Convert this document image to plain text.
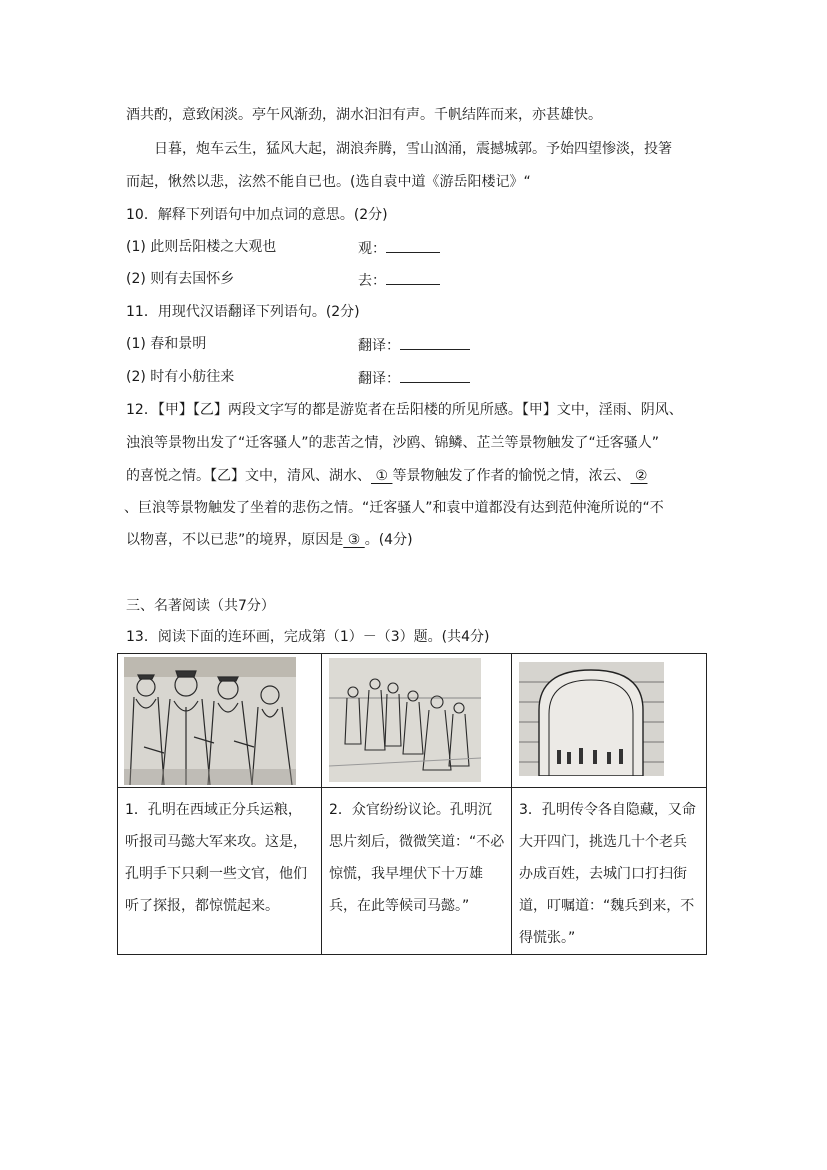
酒共酌，意致闲淡。亭午风渐劲，湖水汩汩有声。千帆结阵而来，亦甚雄快。
日暮，炮车云生，猛风大起，湖浪奔腾，雪山汹涌，震撼城郭。予始四望惨淡，投箸
而起，愀然以悲，泫然不能自已也。(选自袁中道《游岳阳楼记》“
10．解释下列语句中加点词的意思。(2分)
(1) 此则岳阳楼之大观也	观：
(2) 则有去国怀乡	去：
11．用现代汉语翻译下列语句。(2分)
(1) 春和景明	翻译：
(2) 时有小舫往来	翻译：
12．【甲】【乙】两段文字写的都是游览者在岳阳楼的所见所感。【甲】文中，淫雨、阴风、
浊浪等景物出发了“迁客骚人”的悲苦之情，沙鸥、锦鳞、芷兰等景物触发了“迁客骚人”
的喜悦之情。【乙】文中，清风、湖水、 ① 等景物触发了作者的愉悦之情，浓云、 ②
、巨浪等景物触发了坐着的悲伤之情。“迁客骚人”和袁中道都没有达到范仲淹所说的“不
以物喜，不以已悲”的境界，原因是 ③ 。(4分)
三、名著阅读（共7分）
13．阅读下面的连环画，完成第（1）－（3）题。(共4分)

1．孔明在西域正分兵运粮，听报司马懿大军来攻。这是，孔明手下只剩一些文官，他们听了探报，都惊慌起来。	2．众官纷纷议论。孔明沉思片刻后，微微笑道：“不必惊慌，我早埋伏下十万雄兵，在此等候司马懿。”	3．孔明传令各自隐藏，又命大开四门，挑选几十个老兵办成百姓，去城门口打扫街道，叮嘱道：“魏兵到来，不得慌张。”
